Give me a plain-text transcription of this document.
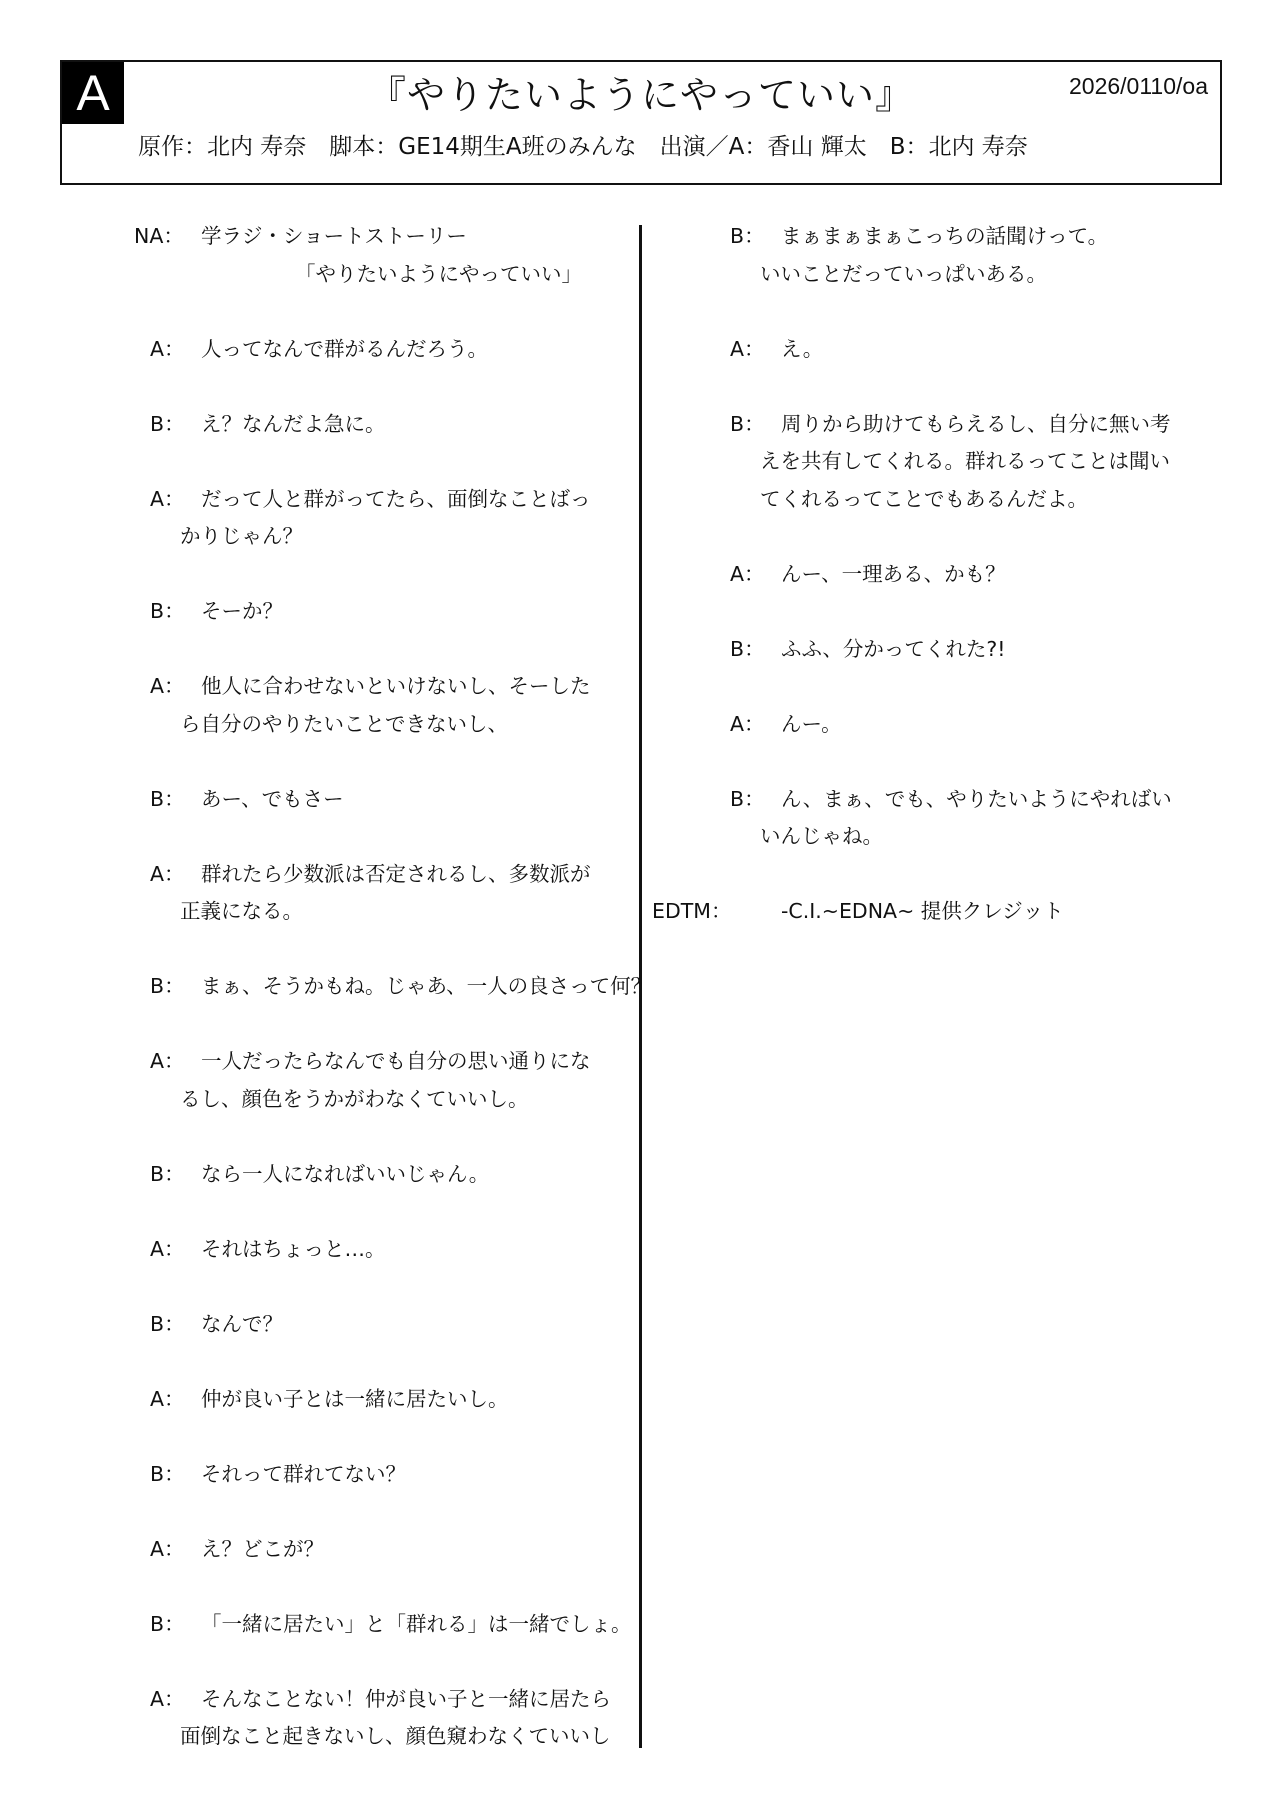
A	『やりたいようにやっていい』	2026/0110/oa
原作：北内 寿奈　脚本：GE14期生A班のみんな　出演／A：香山 輝太　B：北内 寿奈
NA： 学ラジ・ショートストーリー
「やりたいようにやっていい」
A： 人ってなんで群がるんだろう。
B： え？なんだよ急に。
A： だって人と群がってたら、面倒なことばっ
かりじゃん？
B： そーか？
A： 他人に合わせないといけないし、そーした
ら自分のやりたいことできないし、
B： あー、でもさー
A： 群れたら少数派は否定されるし、多数派が
正義になる。
B： まぁ、そうかもね。じゃあ、一人の良さって何？
A： 一人だったらなんでも自分の思い通りにな
るし、顔色をうかがわなくていいし。
B： なら一人になればいいじゃん。
A： それはちょっと…。
B： なんで？
A： 仲が良い子とは一緒に居たいし。
B： それって群れてない？
A： え？どこが？
B： 「一緒に居たい」と「群れる」は一緒でしょ。
A： そんなことない！仲が良い子と一緒に居たら
面倒なこと起きないし、顔色窺わなくていいし
B： まぁまぁまぁこっちの話聞けって。
いいことだっていっぱいある。
A： え。
B： 周りから助けてもらえるし、自分に無い考
えを共有してくれる。群れるってことは聞い
てくれるってことでもあるんだよ。
A： んー、一理ある、かも？
B： ふふ、分かってくれた?!
A： んー。
B： ん、まぁ、でも、やりたいようにやればい
いんじゃね。
EDTM： -C.I.~EDNA~ 提供クレジット
